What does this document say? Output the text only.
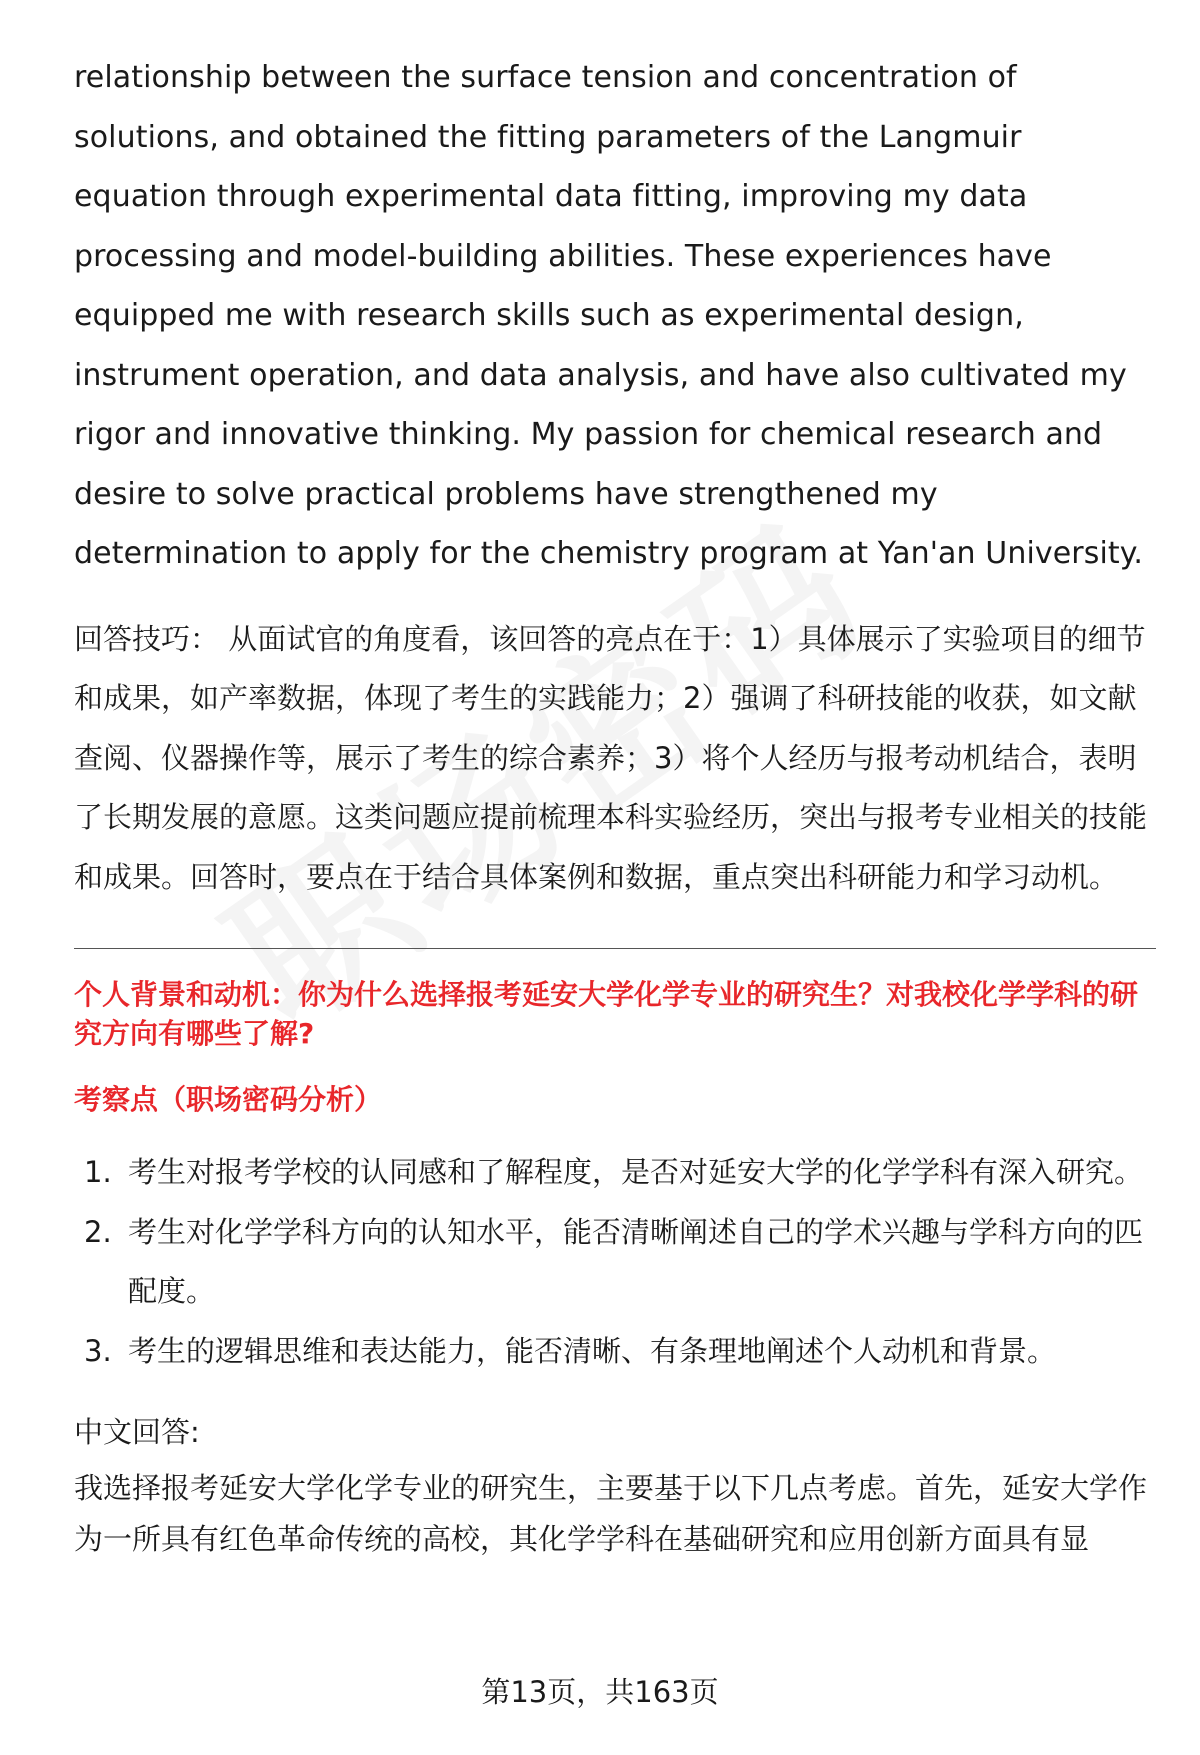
relationship between the surface tension and concentration of solutions, and obtained the fitting parameters of the Langmuir equation through experimental data fitting, improving my data processing and model-building abilities. These experiences have equipped me with research skills such as experimental design, instrument operation, and data analysis, and have also cultivated my rigor and innovative thinking. My passion for chemical research and desire to solve practical problems have strengthened my determination to apply for the chemistry program at Yan'an University.

回答技巧： 从面试官的角度看，该回答的亮点在于：1）具体展示了实验项目的细节和成果，如产率数据，体现了考生的实践能力；2）强调了科研技能的收获，如文献查阅、仪器操作等，展示了考生的综合素养；3）将个人经历与报考动机结合，表明了长期发展的意愿。这类问题应提前梳理本科实验经历，突出与报考专业相关的技能和成果。回答时，要点在于结合具体案例和数据，重点突出科研能力和学习动机。

个人背景和动机：你为什么选择报考延安大学化学专业的研究生？对我校化学学科的研究方向有哪些了解?
考察点（职场密码分析）
1. 考生对报考学校的认同感和了解程度，是否对延安大学的化学学科有深入研究。
2. 考生对化学学科方向的认知水平，能否清晰阐述自己的学术兴趣与学科方向的匹配度。
3. 考生的逻辑思维和表达能力，能否清晰、有条理地阐述个人动机和背景。
中文回答:

我选择报考延安大学化学专业的研究生，主要基于以下几点考虑。首先，延安大学作为一所具有红色革命传统的高校，其化学学科在基础研究和应用创新方面具有显

第13页，共163页
